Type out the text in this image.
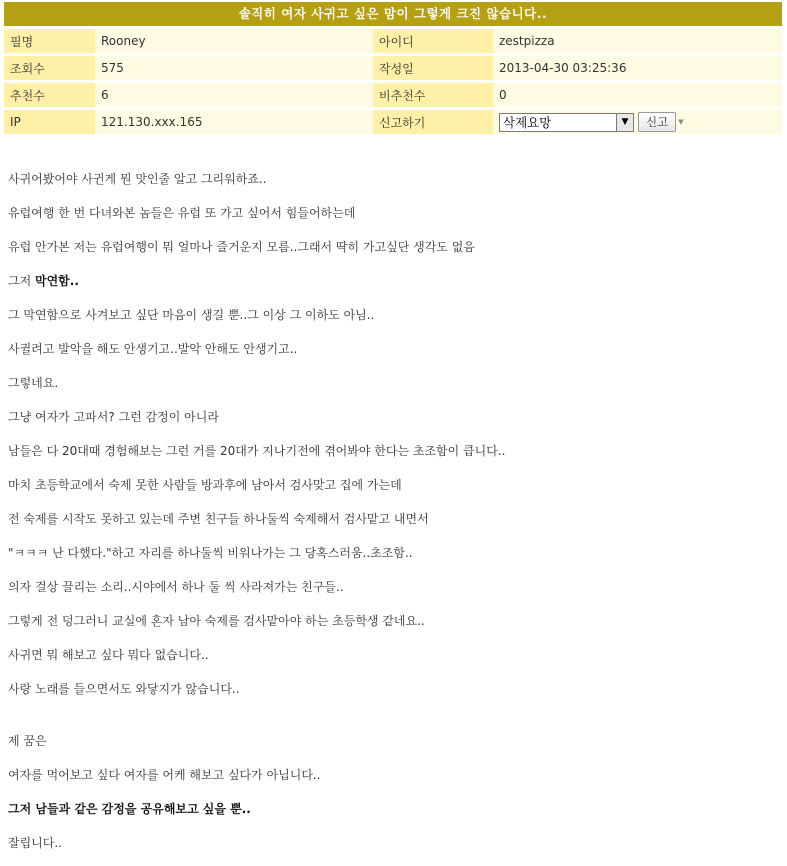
솔직히 여자 사귀고 싶은 맘이 그렇게 크진 않습니다..
필명	Rooney	아이디	zestpizza
조회수	575	작성일	2013-04-30 03:25:36
추천수	6	비추천수	0
IP	121.130.xxx.165	신고하기	삭제요망 ▼ 신고 ▼

사귀어봤어야 사귄게 뭔 맛인줄 알고 그리워하죠..

유럽여행 한 번 다녀와본 놈들은 유럽 또 가고 싶어서 힘들어하는데

유럽 안가본 저는 유럽여행이 뭐 얼마나 즐거운지 모름..그래서 딱히 가고싶단 생각도 없음

그저 막연함..

그 막연함으로 사겨보고 싶단 마음이 생길 뿐..그 이상 그 이하도 아님..

사귈려고 발악을 해도 안생기고..발악 안해도 안생기고..

그렇네요.

그냥 여자가 고파서? 그런 감정이 아니라

남들은 다 20대때 경험해보는 그런 거를 20대가 지나기전에 겪어봐야 한다는 초조함이 큽니다..

마치 초등학교에서 숙제 못한 사람들 방과후에 남아서 검사맞고 집에 가는데

전 숙제를 시작도 못하고 있는데 주변 친구들 하나둘씩 숙제해서 검사맡고 내면서

"ㅋㅋㅋ 난 다했다."하고 자리를 하나둘씩 비워나가는 그 당혹스러움..초조함..

의자 걸상 끌리는 소리..시야에서 하나 둘 씩 사라져가는 친구들..

그렇게 전 덩그러니 교실에 혼자 남아 숙제를 검사맡아야 하는 초등학생 같네요..

사귀면 뭐 해보고 싶다 뭐다 없습니다..

사랑 노래를 들으면서도 와닿지가 않습니다..

제 꿈은

여자를 먹어보고 싶다 여자를 어케 해보고 싶다가 아닙니다..

그저 남들과 같은 감정을 공유해보고 싶을 뿐..

잘립니다..
